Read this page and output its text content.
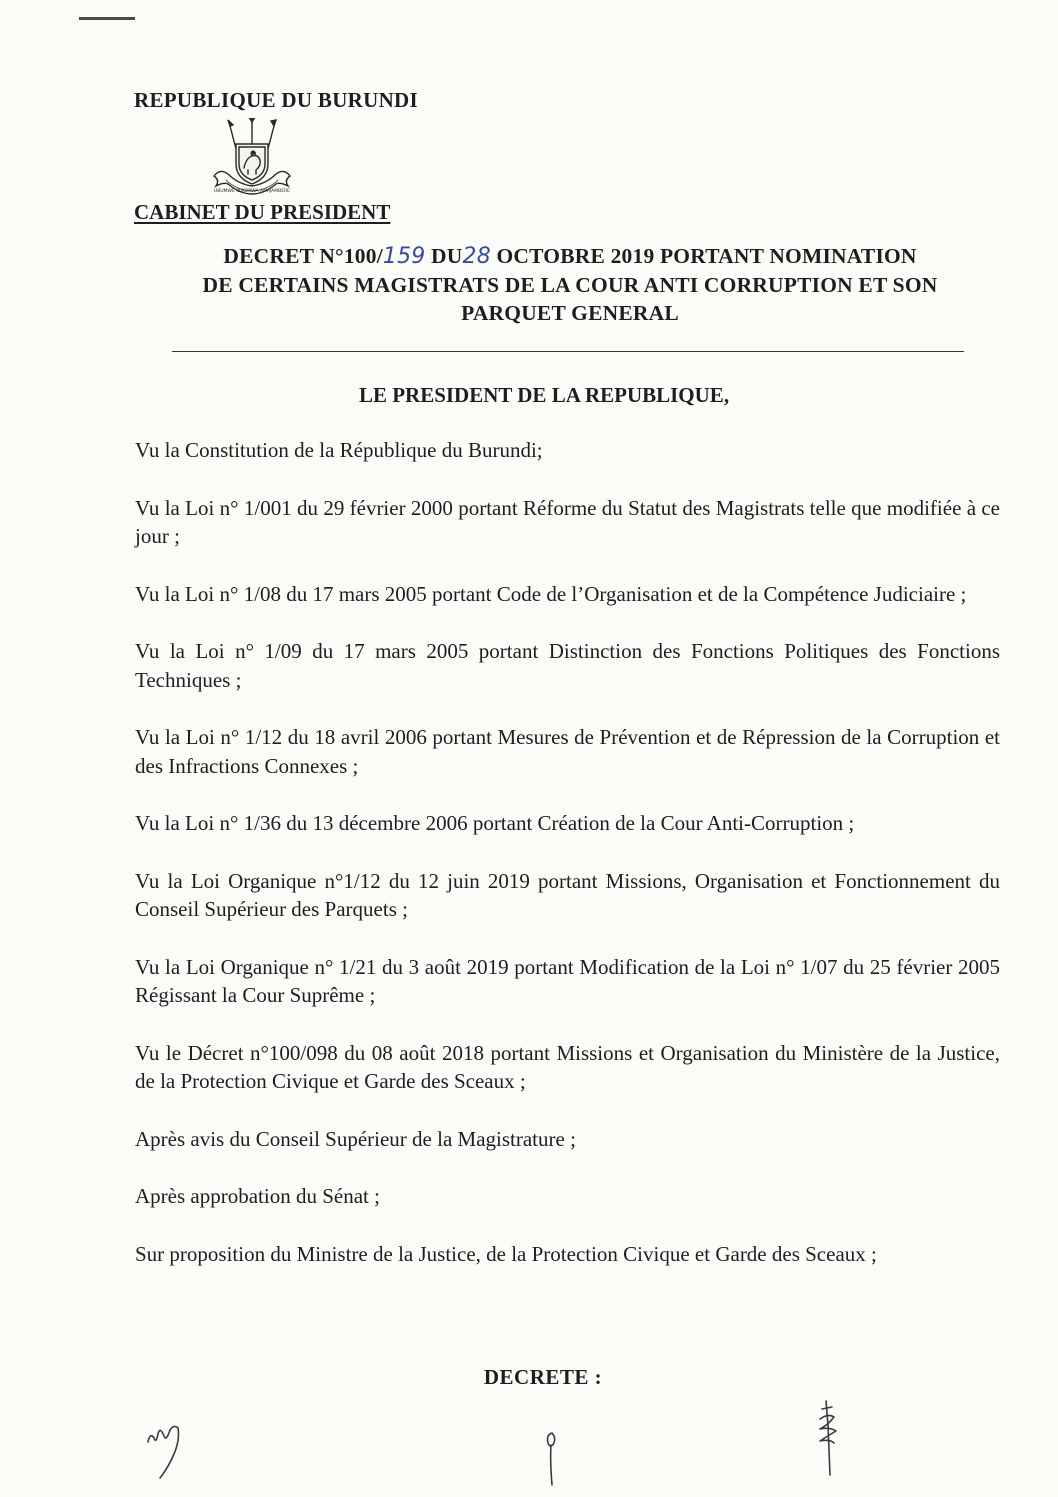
REPUBLIQUE DU BURUNDI
UBUMWE IBIKORWA AMAJAMBERE
CABINET DU PRESIDENT
DECRET N°100/159 DU28 OCTOBRE 2019 PORTANT NOMINATION
DE CERTAINS MAGISTRATS DE LA COUR ANTI CORRUPTION ET SON
PARQUET GENERAL
LE PRESIDENT DE LA REPUBLIQUE,

Vu la Constitution de la République du Burundi;

Vu la Loi n° 1/001 du 29 février 2000 portant Réforme du Statut des Magistrats telle que modifiée à ce jour ;

Vu la Loi n° 1/08 du 17 mars 2005 portant Code de l’Organisation et de la Compétence Judiciaire ;

Vu la Loi n° 1/09 du 17 mars 2005 portant Distinction des Fonctions Politiques des Fonctions Techniques ;

Vu la Loi n° 1/12 du 18 avril 2006 portant Mesures de Prévention et de Répression de la Corruption et des Infractions Connexes ;

Vu la Loi n° 1/36 du 13 décembre 2006 portant Création de la Cour Anti-Corruption ;

Vu la Loi Organique n°1/12 du 12 juin 2019 portant Missions, Organisation et Fonctionnement du Conseil Supérieur des Parquets ;

Vu la Loi Organique n° 1/21 du 3 août 2019 portant Modification de la Loi n° 1/07 du 25 février 2005 Régissant la Cour Suprême ;

Vu le Décret n°100/098 du 08 août 2018 portant Missions et Organisation du Ministère de la Justice, de la Protection Civique et Garde des Sceaux ;

Après avis du Conseil Supérieur de la Magistrature ;

Après approbation du Sénat ;

Sur proposition du Ministre de la Justice, de la Protection Civique et Garde des Sceaux ;

DECRETE :
